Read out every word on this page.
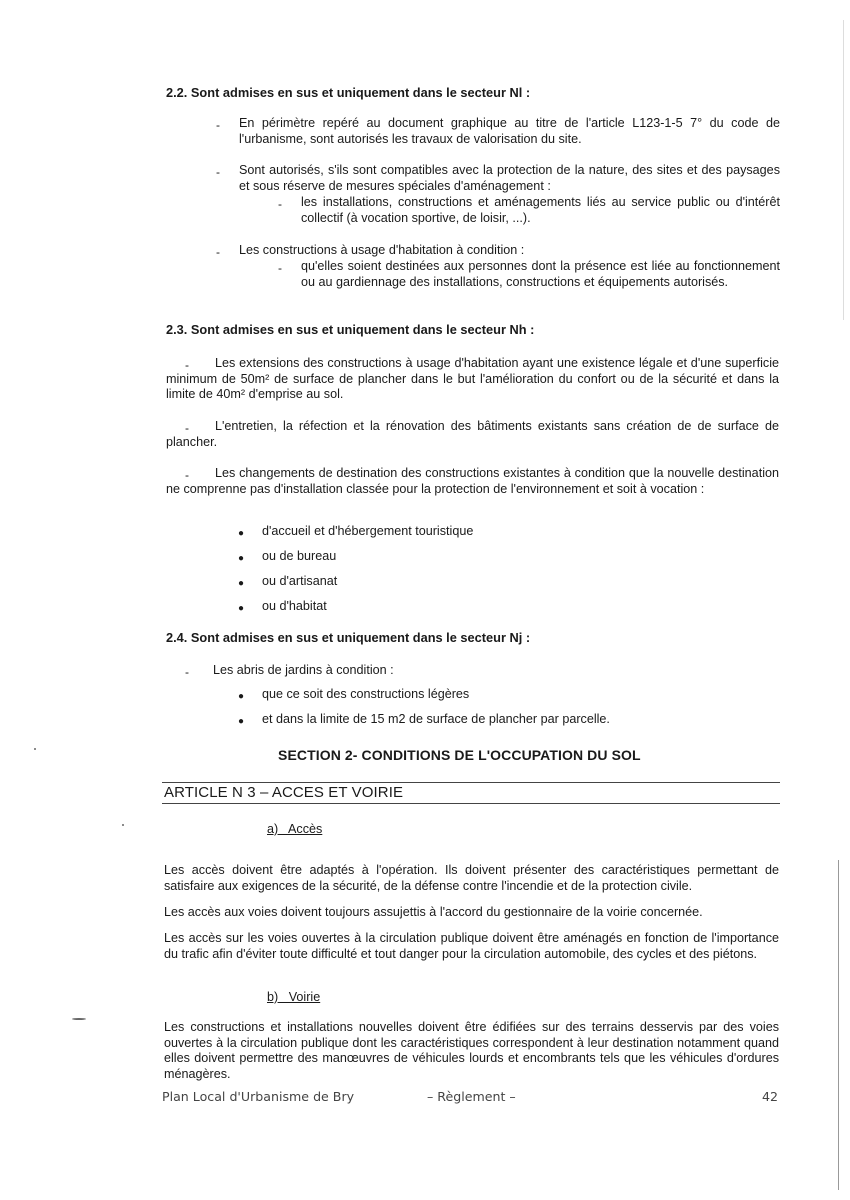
2.2. Sont admises en sus et uniquement dans le secteur Nl :
- En périmètre repéré au document graphique au titre de l'article L123-1-5 7° du code de l'urbanisme, sont autorisés les travaux de valorisation du site.
- Sont autorisés, s'ils sont compatibles avec la protection de la nature, des sites et des paysages et sous réserve de mesures spéciales d'aménagement :
- les installations, constructions et aménagements liés au service public ou d'intérêt collectif (à vocation sportive, de loisir, ...).
- Les constructions à usage d'habitation à condition :
- qu'elles soient destinées aux personnes dont la présence est liée au fonctionnement ou au gardiennage des installations, constructions et équipements autorisés.
2.3. Sont admises en sus et uniquement dans le secteur Nh :
-	Les extensions des constructions à usage d'habitation ayant une existence légale et d'une superficie minimum de 50m² de surface de plancher dans le but l'amélioration du confort ou de la sécurité et dans la limite de 40m² d'emprise au sol.
-	L'entretien, la réfection et la rénovation des bâtiments existants sans création de de surface de plancher.
-	Les changements de destination des constructions existantes à condition que la nouvelle destination ne comprenne pas d'installation classée pour la protection de l'environnement et soit à vocation :
● d'accueil et d'hébergement touristique
● ou de bureau
● ou d'artisanat
● ou d'habitat
2.4. Sont admises en sus et uniquement dans le secteur Nj :
- Les abris de jardins à condition :
● que ce soit des constructions légères
● et dans la limite de 15 m2 de surface de plancher par parcelle.
SECTION 2- CONDITIONS DE L'OCCUPATION DU SOL
ARTICLE N 3 – ACCES ET VOIRIE
a)   Accès
Les accès doivent être adaptés à l'opération. Ils doivent présenter des caractéristiques permettant de satisfaire aux exigences de la sécurité, de la défense contre l'incendie et de la protection civile.
Les accès aux voies doivent toujours assujettis à l'accord du gestionnaire de la voirie concernée.
Les accès sur les voies ouvertes à la circulation publique doivent être aménagés en fonction de l'importance du trafic afin d'éviter toute difficulté et tout danger pour la circulation automobile, des cycles et des piétons.
b)   Voirie
Les constructions et installations nouvelles doivent être édifiées sur des terrains desservis par des voies ouvertes à la circulation publique dont les caractéristiques correspondent à leur destination notamment quand elles doivent permettre des manœuvres de véhicules lourds et encombrants tels que les véhicules d'ordures ménagères.
Plan Local d'Urbanisme de Bry	– Règlement –	42
